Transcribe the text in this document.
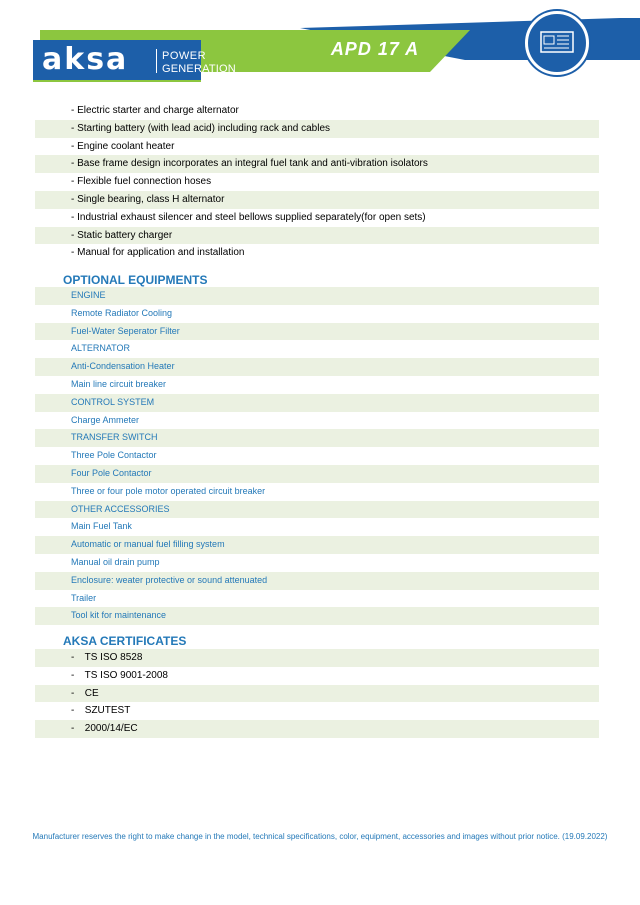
aksa	POWER
GENERATION
APD 17 A
- Electric starter and charge alternator
- Starting battery (with lead acid) including rack and cables
- Engine coolant heater
- Base frame design incorporates an integral fuel tank and anti-vibration isolators
- Flexible fuel connection hoses
- Single bearing, class H alternator
- Industrial exhaust silencer and steel bellows supplied separately(for open sets)
- Static battery charger
- Manual for application and installation
OPTIONAL EQUIPMENTS
ENGINE
Remote Radiator Cooling
Fuel-Water Seperator Filter
ALTERNATOR
Anti-Condensation Heater
Main line circuit breaker
CONTROL SYSTEM
Charge Ammeter
TRANSFER SWITCH
Three Pole Contactor
Four Pole Contactor
Three or four pole motor operated circuit breaker
OTHER ACCESSORIES
Main Fuel Tank
Automatic or manual fuel filling system
Manual oil drain pump
Enclosure: weater protective or sound attenuated
Trailer
Tool kit for maintenance
AKSA CERTIFICATES
- TS ISO 8528
- TS ISO 9001-2008
- CE
- SZUTEST
- 2000/14/EC
Manufacturer reserves the right to make change in the model, technical specifications, color, equipment, accessories and images without prior notice. (19.09.2022)
